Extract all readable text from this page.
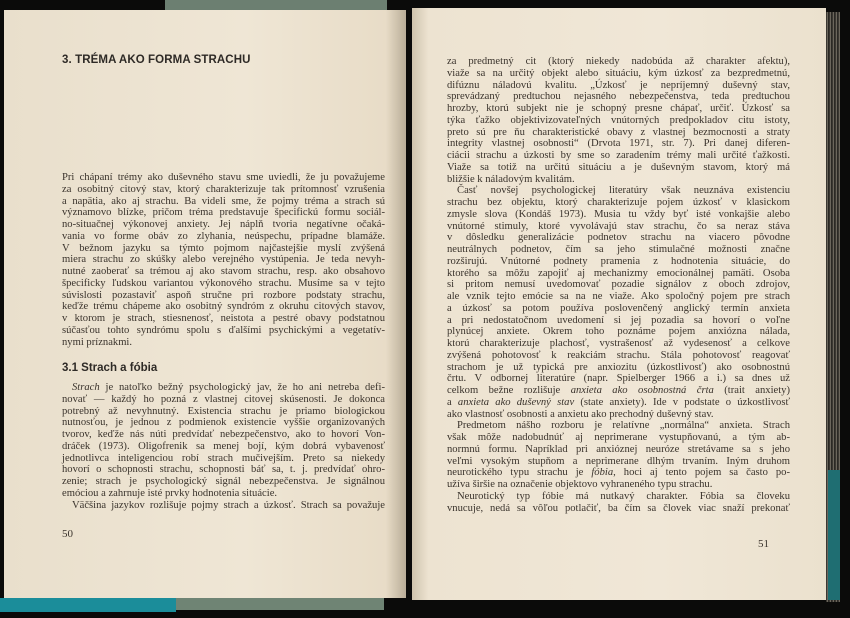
3. TRÉMA AKO FORMA STRACHU
Pri chápaní trémy ako duševného stavu sme uviedli, že ju považujeme
za osobitný citový stav, ktorý charakterizuje tak prítomnosť vzrušenia
a napätia, ako aj strachu. Ba videli sme, že pojmy tréma a strach sú
významovo blízke, pričom tréma predstavuje špecifickú formu sociál-
no-situačnej výkonovej anxiety. Jej náplň tvoria negatívne očaká-
vania vo forme obáv zo zlyhania, neúspechu, prípadne blamáže.
V bežnom jazyku sa týmto pojmom najčastejšie myslí zvýšená
miera strachu zo skúšky alebo verejného vystúpenia. Je teda nevyh-
nutné zaoberať sa trémou aj ako stavom strachu, resp. ako obsahovo
špecificky ľudskou variantou výkonového strachu. Musíme sa v tejto
súvislosti pozastaviť aspoň stručne pri rozbore podstaty strachu,
keďže trému chápeme ako osobitný syndróm z okruhu citových stavov,
v ktorom je strach, stiesnenosť, neistota a pestré obavy podstatnou
súčasťou tohto syndrómu spolu s ďalšími psychickými a vegetatív-
nymi príznakmi.
3.1 Strach a fóbia
Strach je natoľko bežný psychologický jav, že ho ani netreba defi-
novať — každý ho pozná z vlastnej citovej skúsenosti. Je dokonca
potrebný až nevyhnutný. Existencia strachu je priamo biologickou
nutnosťou, je jednou z podmienok existencie vyššie organizovaných
tvorov, keďže nás núti predvídať nebezpečenstvo, ako to hovorí Von-
dráček (1973). Oligofrenik sa menej bojí, kým dobrá vybavenosť
jednotlivca inteligenciou robí strach mučivejším. Preto sa niekedy
hovorí o schopnosti strachu, schopnosti báť sa, t. j. predvídať ohro-
zenie; strach je psychologický signál nebezpečenstva. Je signálnou
emóciou a zahrnuje isté prvky hodnotenia situácie.
Väčšina jazykov rozlišuje pojmy strach a úzkosť. Strach sa považuje
50
za predmetný cit (ktorý niekedy nadobúda až charakter afektu),
viaže sa na určitý objekt alebo situáciu, kým úzkosť za bezpredmetnú,
difúznu náladovú kvalitu. „Úzkosť je nepríjemný duševný stav,
sprevádzaný predtuchou nejasného nebezpečenstva, teda predtuchou
hrozby, ktorú subjekt nie je schopný presne chápať, určiť. Úzkosť sa
týka ťažko objektivizovateľných vnútorných predpokladov citu istoty,
preto sú pre ňu charakteristické obavy z vlastnej bezmocnosti a straty
integrity vlastnej osobnosti“ (Drvota 1971, str. 7). Pri danej diferen-
ciácii strachu a úzkosti by sme so zaradením trémy mali určité ťažkosti.
Viaže sa totiž na určitú situáciu a je duševným stavom, ktorý má
bližšie k náladovým kvalitám.
Časť novšej psychologickej literatúry však neuznáva existenciu
strachu bez objektu, ktorý charakterizuje pojem úzkosť v klasickom
zmysle slova (Kondáš 1973). Musia tu vždy byť isté vonkajšie alebo
vnútorné stimuly, ktoré vyvolávajú stav strachu, čo sa neraz stáva
v dôsledku generalizácie podnetov strachu na viacero pôvodne
neutrálnych podnetov, čím sa jeho stimulačné možnosti značne
rozširujú. Vnútorné podnety pramenia z hodnotenia situácie, do
ktorého sa môžu zapojiť aj mechanizmy emocionálnej pamäti. Osoba
si pritom nemusí uvedomovať pozadie signálov z oboch zdrojov,
ale vznik tejto emócie sa na ne viaže. Ako spoločný pojem pre strach
a úzkosť sa potom používa poslovenčený anglický termín anxieta
a pri nedostatočnom uvedomení si jej pozadia sa hovorí o voľne
plynúcej anxiete. Okrem toho poznáme pojem anxiózna nálada,
ktorú charakterizuje plachosť, vystrašenosť až vydesenosť a celkove
zvýšená pohotovosť k reakciám strachu. Stála pohotovosť reagovať
strachom je už typická pre anxiozitu (úzkostlivosť) ako osobnostnú
črtu. V odbornej literatúre (napr. Spielberger 1966 a i.) sa dnes už
celkom bežne rozlišuje anxieta ako osobnostná črta (trait anxiety)
a anxieta ako duševný stav (state anxiety). Ide v podstate o úzkostlivosť
ako vlastnosť osobnosti a anxietu ako prechodný duševný stav.
Predmetom nášho rozboru je relatívne „normálna“ anxieta. Strach
však môže nadobudnúť aj neprimerane vystupňovanú, a tým ab-
normnú formu. Napríklad pri anxióznej neuróze stretávame sa s jeho
veľmi vysokým stupňom a neprimerane dlhým trvaním. Iným druhom
neurotického typu strachu je fóbia, hoci aj tento pojem sa často po-
užíva širšie na označenie objektovo vyhraneného typu strachu.
Neurotický typ fóbie má nutkavý charakter. Fóbia sa človeku
vnucuje, nedá sa vôľou potlačiť, ba čím sa človek viac snaží prekonať
51
